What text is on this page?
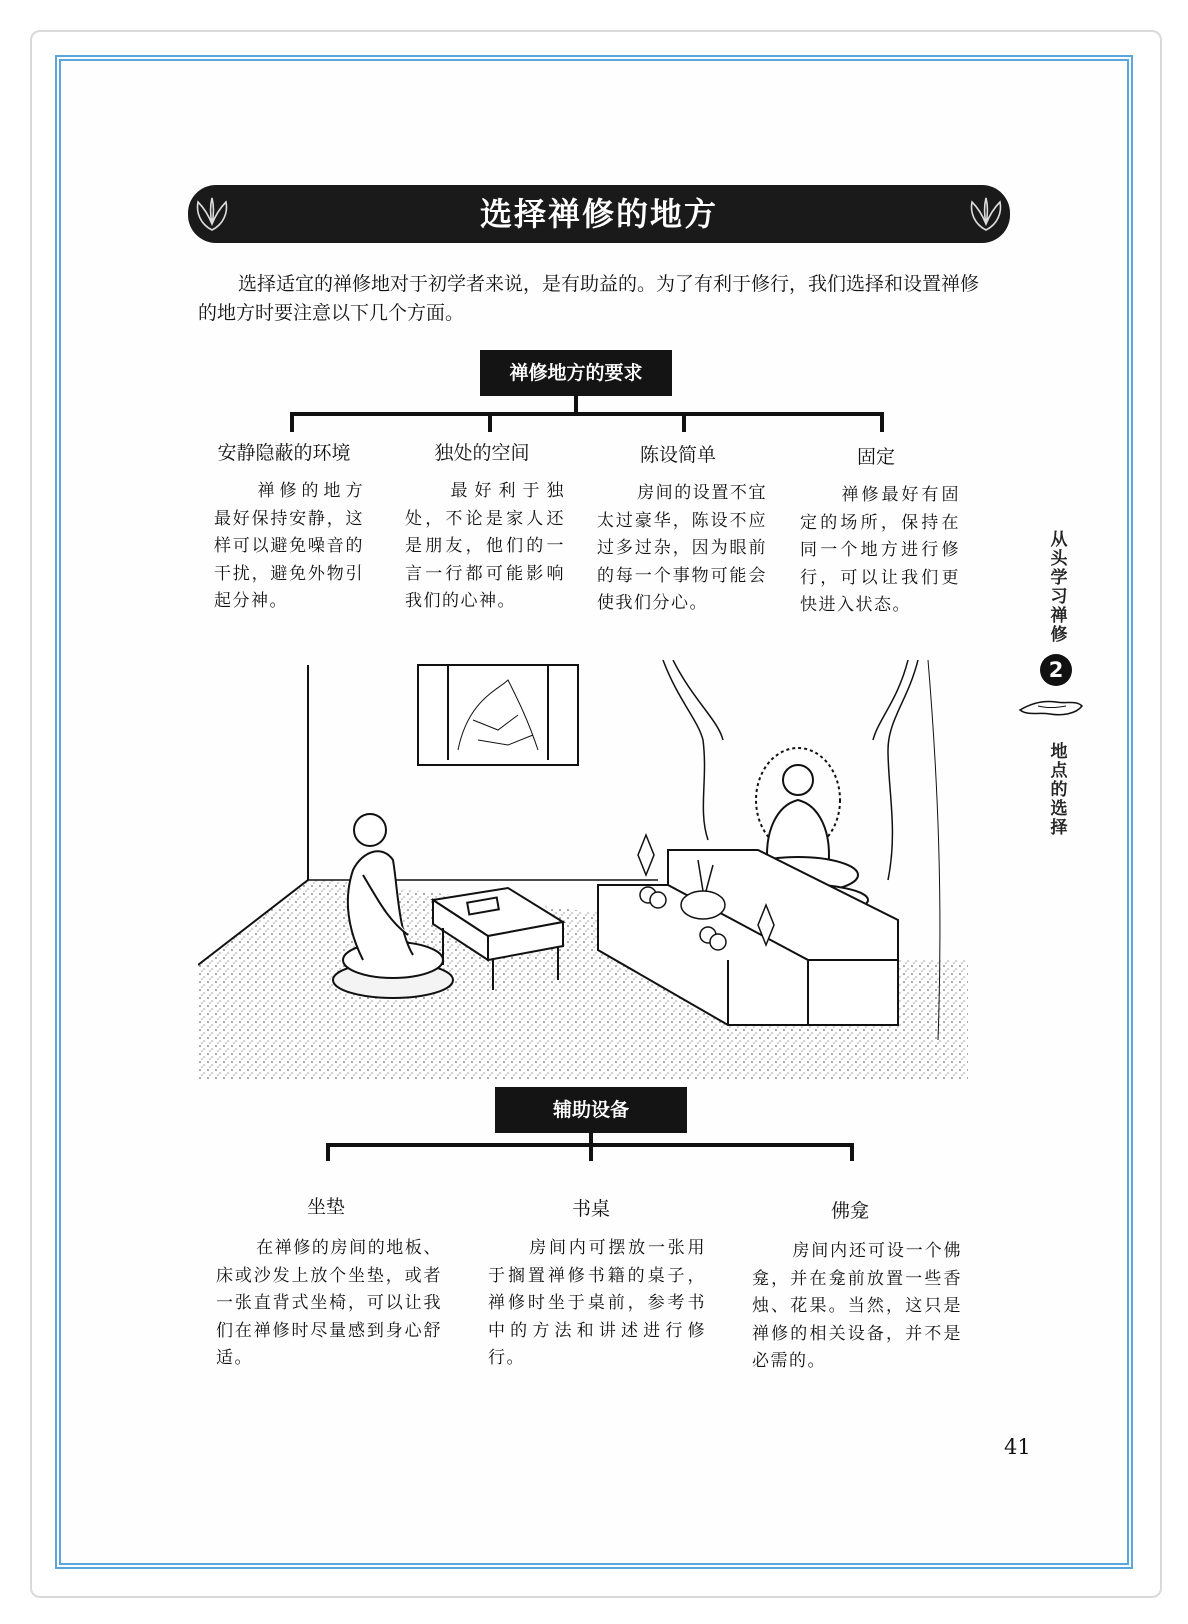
选择禅修的地方
选择适宜的禅修地对于初学者来说，是有助益的。为了有利于修行，我们选择和设置禅修的地方时要注意以下几个方面。
禅修地方的要求
安静隐蔽的环境	独处的空间	陈设简单	固定
禅修的地方最好保持安静，这样可以避免噪音的干扰，避免外物引起分神。
最好利于独处，不论是家人还是朋友，他们的一言一行都可能影响我们的心神。
房间的设置不宜太过豪华，陈设不应过多过杂，因为眼前的每一个事物可能会使我们分心。
禅修最好有固定的场所，保持在同一个地方进行修行，可以让我们更快进入状态。
辅助设备
坐垫	书桌	佛龛
在禅修的房间的地板、床或沙发上放个坐垫，或者一张直背式坐椅，可以让我们在禅修时尽量感到身心舒适。
房间内可摆放一张用于搁置禅修书籍的桌子，禅修时坐于桌前，参考书中的方法和讲述进行修行。
房间内还可设一个佛龛，并在龛前放置一些香烛、花果。当然，这只是禅修的相关设备，并不是必需的。
从头学习禅修
2
地点的选择
41
